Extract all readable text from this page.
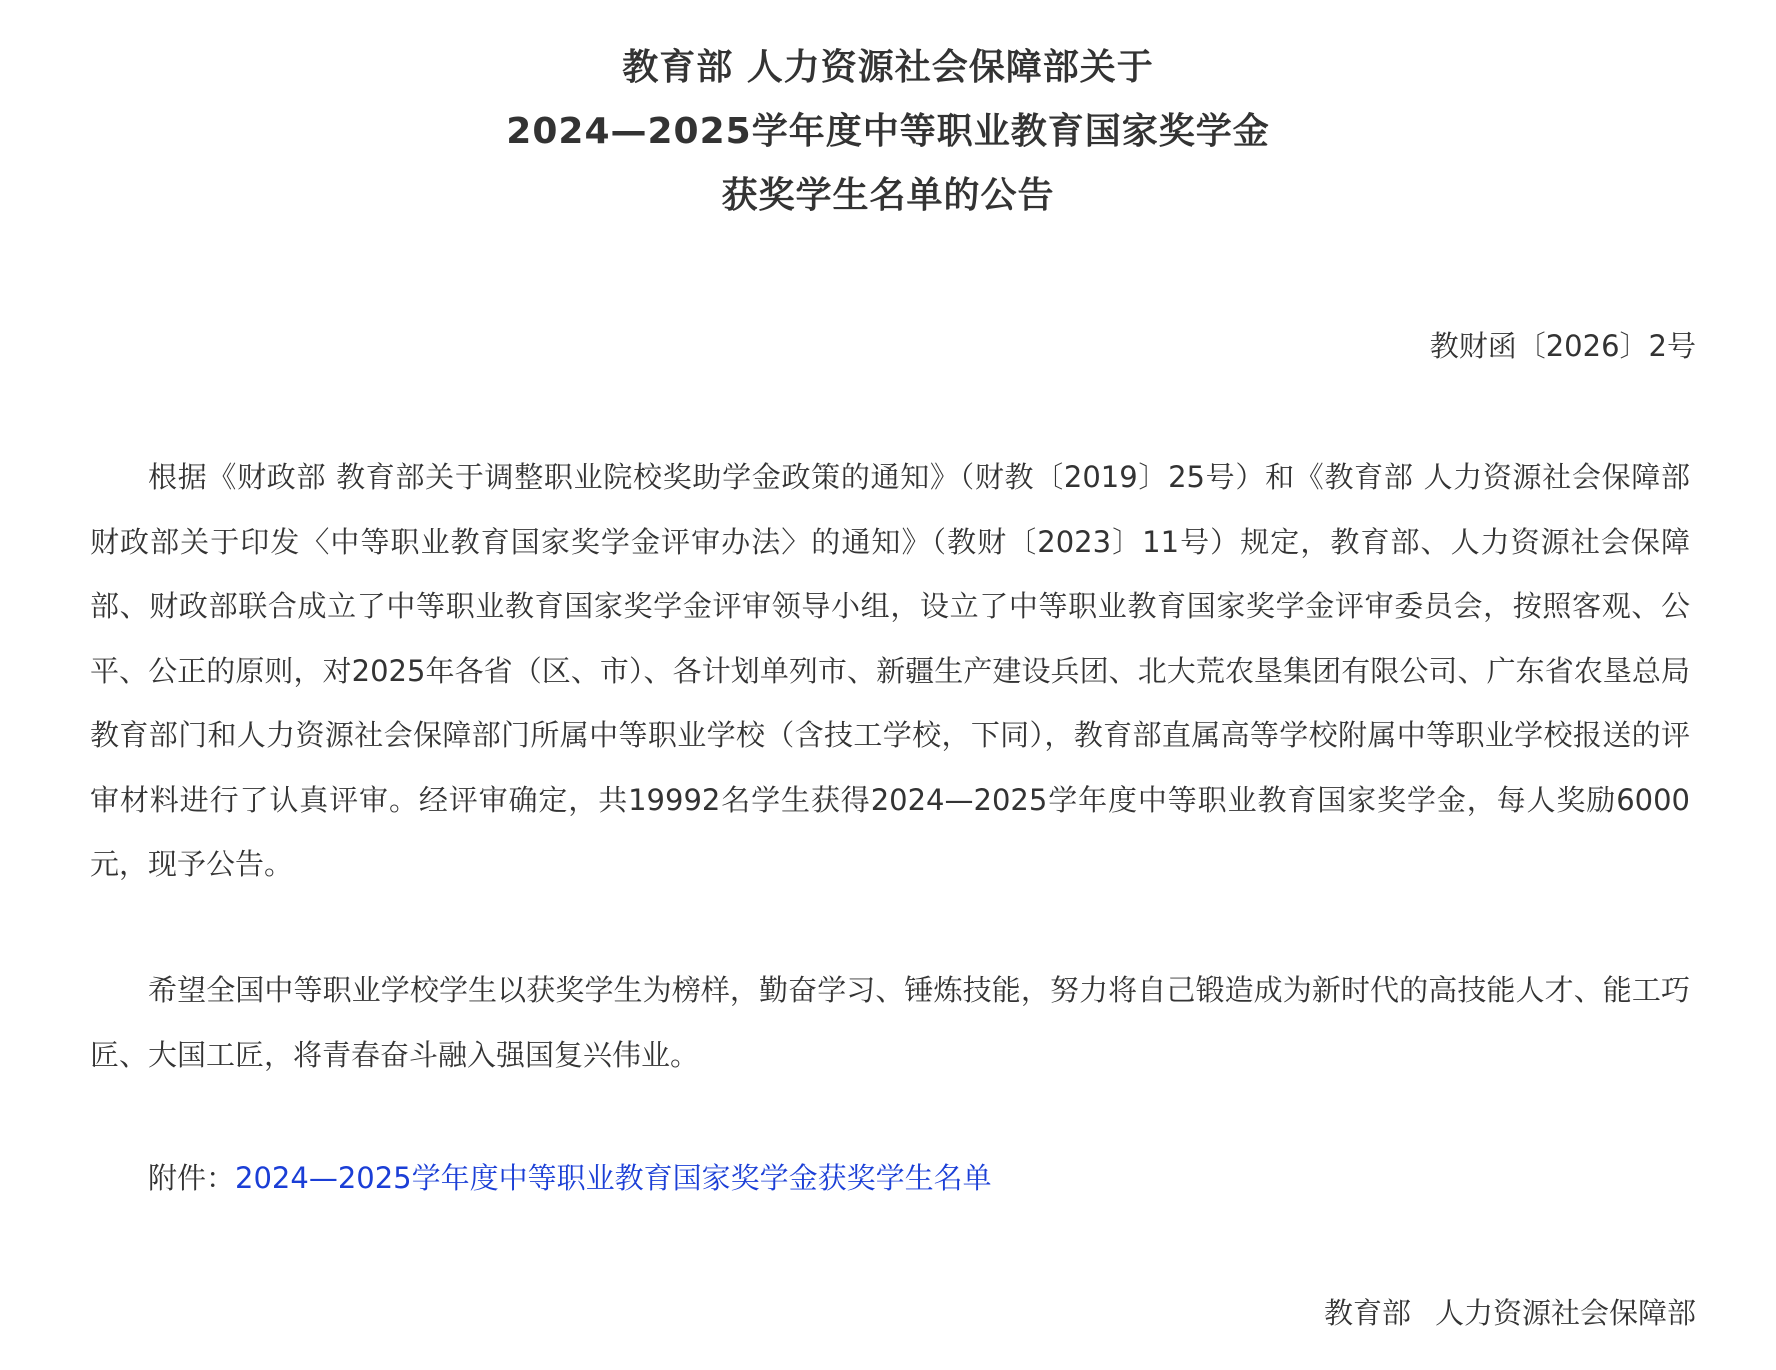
教育部 人力资源社会保障部关于
2024—2025学年度中等职业教育国家奖学金
获奖学生名单的公告
教财函〔2026〕2号

根据《财政部 教育部关于调整职业院校奖助学金政策的通知》（财教〔2019〕25号）和《教育部 人力资源社会保障部 财政部关于印发〈中等职业教育国家奖学金评审办法〉的通知》（教财〔2023〕11号）规定，教育部、人力资源社会保障部、财政部联合成立了中等职业教育国家奖学金评审领导小组，设立了中等职业教育国家奖学金评审委员会，按照客观、公平、公正的原则，对2025年各省（区、市）、各计划单列市、新疆生产建设兵团、北大荒农垦集团有限公司、广东省农垦总局教育部门和人力资源社会保障部门所属中等职业学校（含技工学校，下同），教育部直属高等学校附属中等职业学校报送的评审材料进行了认真评审。经评审确定，共19992名学生获得2024—2025学年度中等职业教育国家奖学金，每人奖励6000元，现予公告。

希望全国中等职业学校学生以获奖学生为榜样，勤奋学习、锤炼技能，努力将自己锻造成为新时代的高技能人才、能工巧匠、大国工匠，将青春奋斗融入强国复兴伟业。

附件：2024—2025学年度中等职业教育国家奖学金获奖学生名单
教育部 人力资源社会保障部
